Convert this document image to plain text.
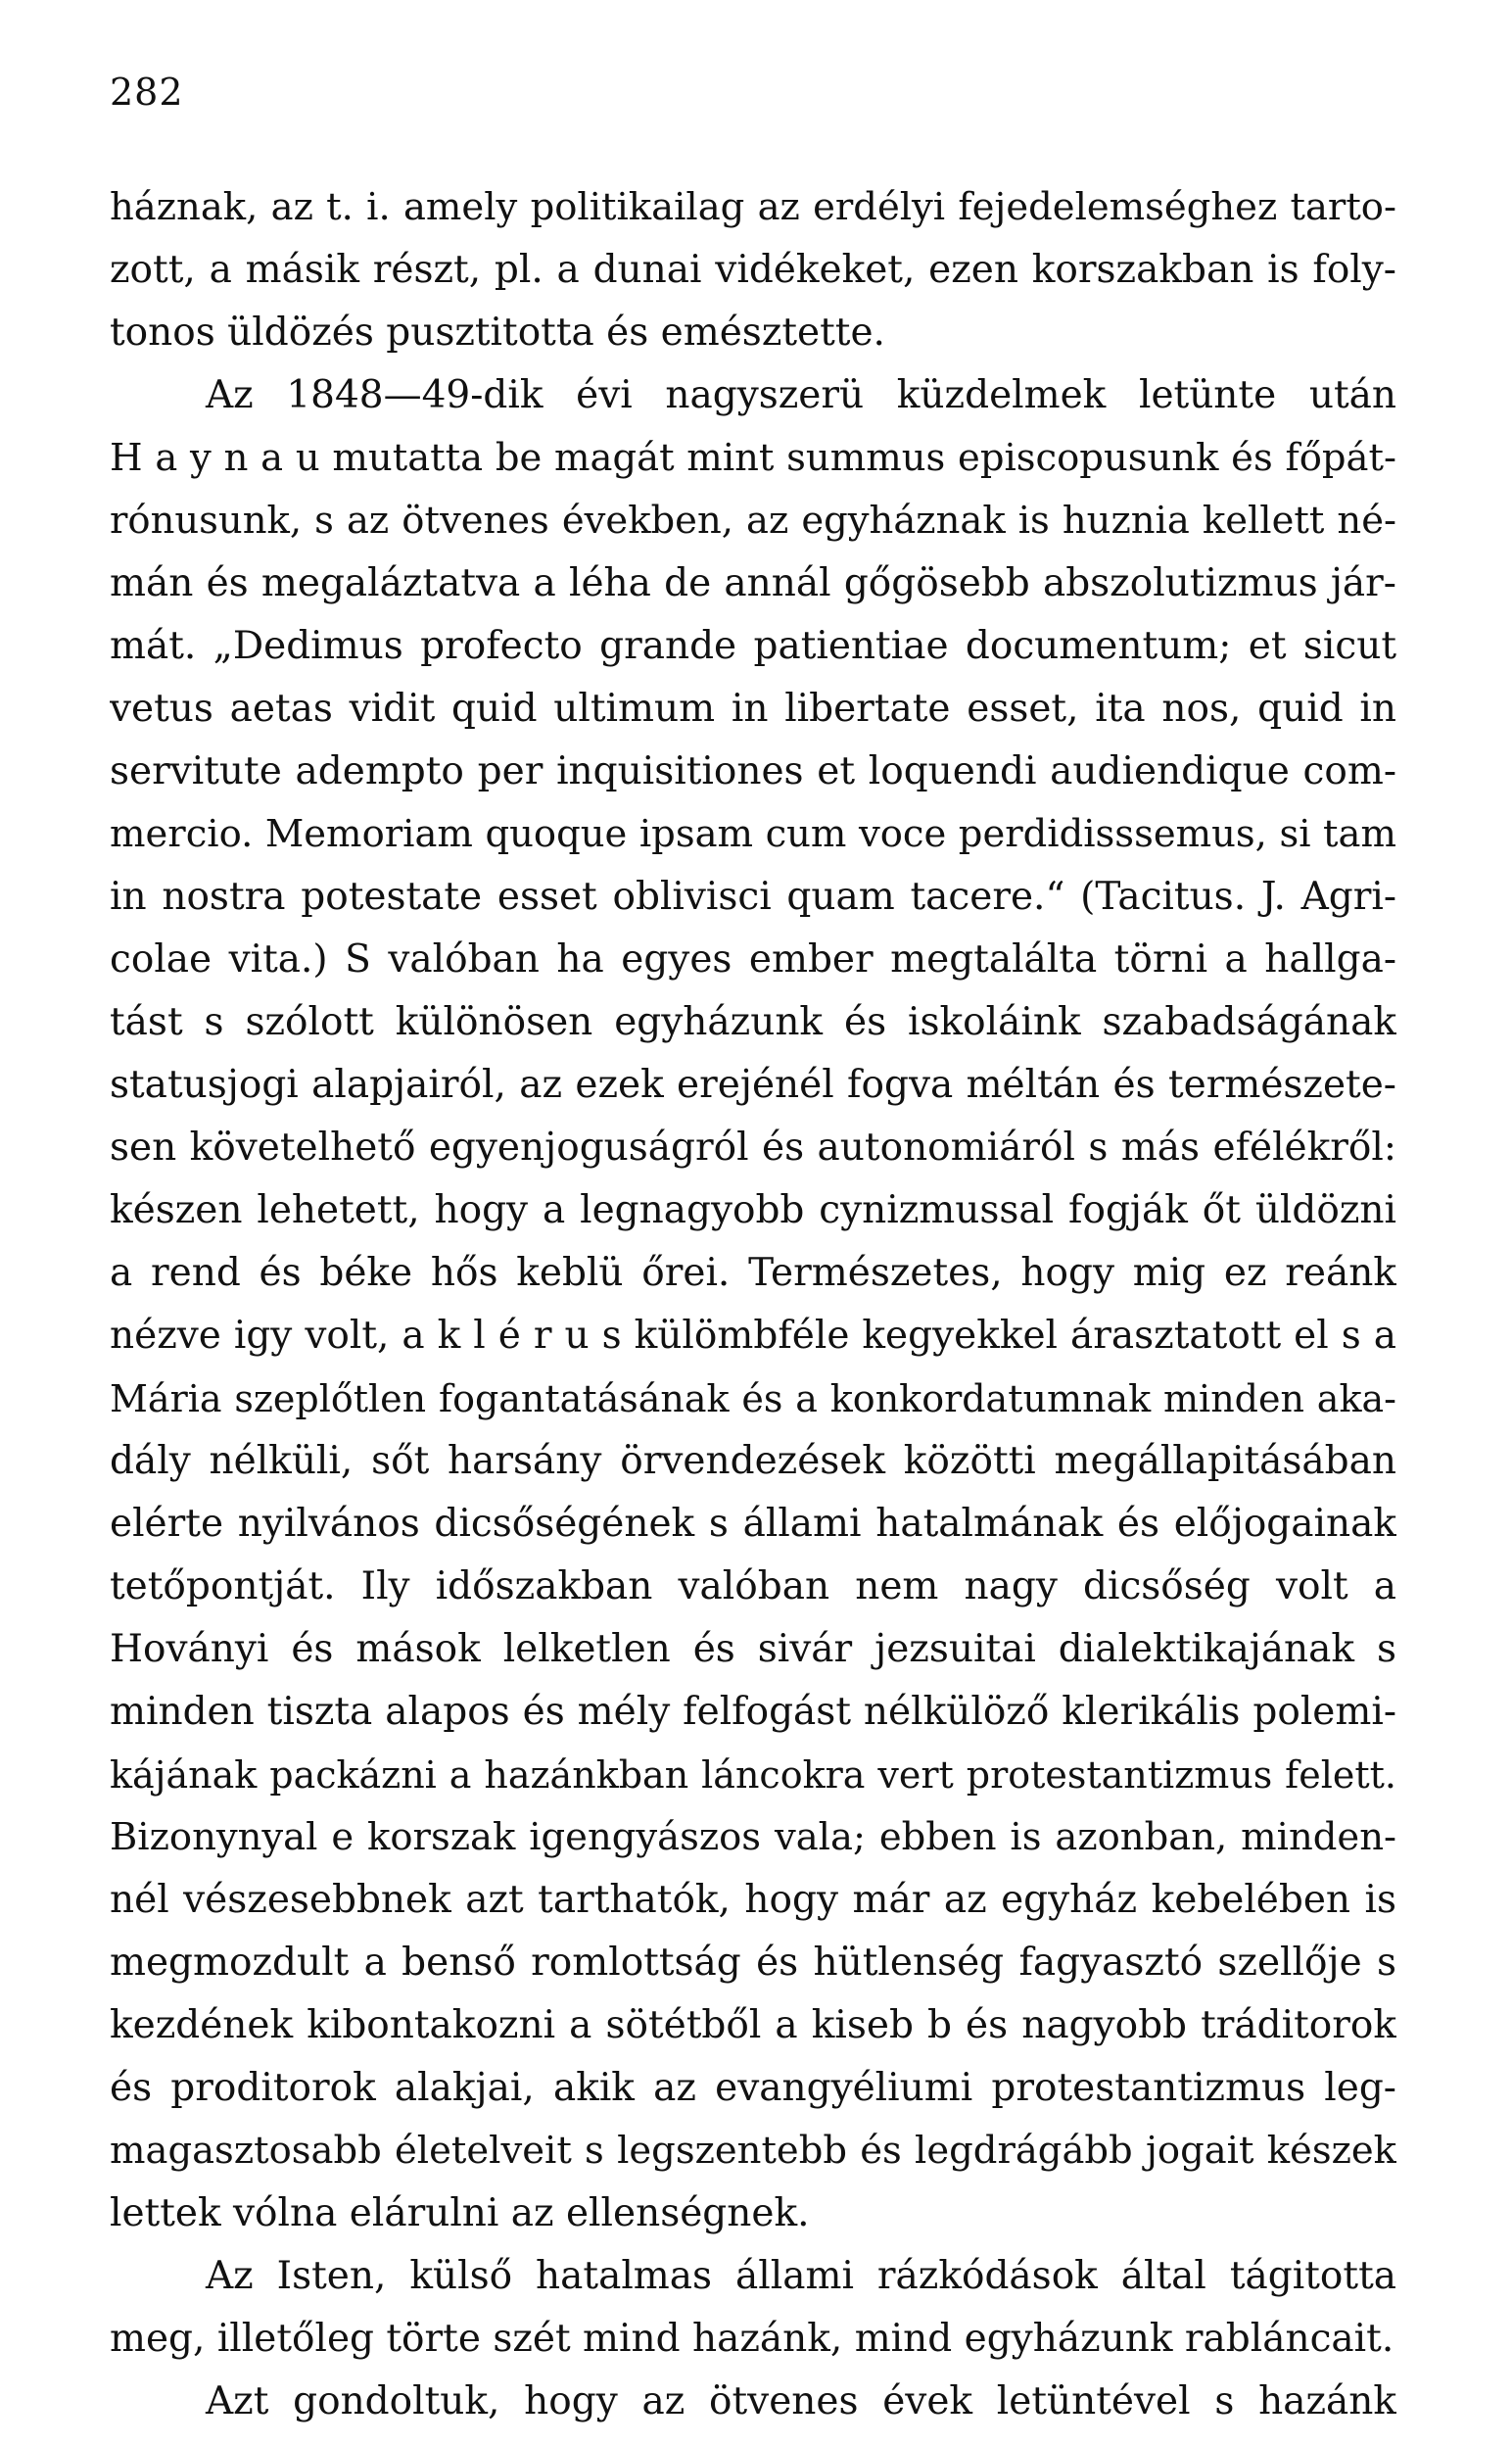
282
háznak, az t. i. amely politikailag az erdélyi fejedelemséghez tarto-
zott, a másik részt, pl. a dunai vidékeket, ezen korszakban is foly-
tonos üldözés pusztitotta és emésztette.
Az 1848—49-dik évi nagyszerü küzdelmek letünte után
H a y n a u mutatta be magát mint summus episcopusunk és főpát-
rónusunk, s az ötvenes években, az egyháznak is huznia kellett né-
mán és megaláztatva a léha de annál gőgösebb abszolutizmus jár-
mát. „Dedimus profecto grande patientiae documentum; et sicut
vetus aetas vidit quid ultimum in libertate esset, ita nos, quid in
servitute adempto per inquisitiones et loquendi audiendique com-
mercio. Memoriam quoque ipsam cum voce perdidisssemus, si tam
in nostra potestate esset oblivisci quam tacere.“ (Tacitus. J. Agri-
colae vita.) S valóban ha egyes ember megtalálta törni a hallga-
tást s szólott különösen egyházunk és iskoláink szabadságának
statusjogi alapjairól, az ezek erejénél fogva méltán és természete-
sen követelhető egyenjoguságról és autonomiáról s más efélékről:
készen lehetett, hogy a legnagyobb cynizmussal fogják őt üldözni
a rend és béke hős keblü őrei. Természetes, hogy mig ez reánk
nézve igy volt, a k l é r u s külömbféle kegyekkel árasztatott el s a
Mária szeplőtlen fogantatásának és a konkordatumnak minden aka-
dály nélküli, sőt harsány örvendezések közötti megállapitásában
elérte nyilvános dicsőségének s állami hatalmának és előjogainak
tetőpontját. Ily időszakban valóban nem nagy dicsőség volt a
Hoványi és mások lelketlen és sivár jezsuitai dialektikajának s
minden tiszta alapos és mély felfogást nélkülöző klerikális polemi-
kájának packázni a hazánkban láncokra vert protestantizmus felett.
Bizonynyal e korszak igengyászos vala; ebben is azonban, minden-
nél vészesebbnek azt tarthatók, hogy már az egyház kebelében is
megmozdult a benső romlottság és hütlenség fagyasztó szellője s
kezdének kibontakozni a sötétből a kiseb b és nagyobb tráditorok
és proditorok alakjai, akik az evangyéliumi protestantizmus leg-
magasztosabb életelveit s legszentebb és legdrágább jogait készek
lettek vólna elárulni az ellenségnek.
Az Isten, külső hatalmas állami rázkódások által tágitotta
meg, illetőleg törte szét mind hazánk, mind egyházunk rabláncait.
Azt gondoltuk, hogy az ötvenes évek letüntével s hazánk
